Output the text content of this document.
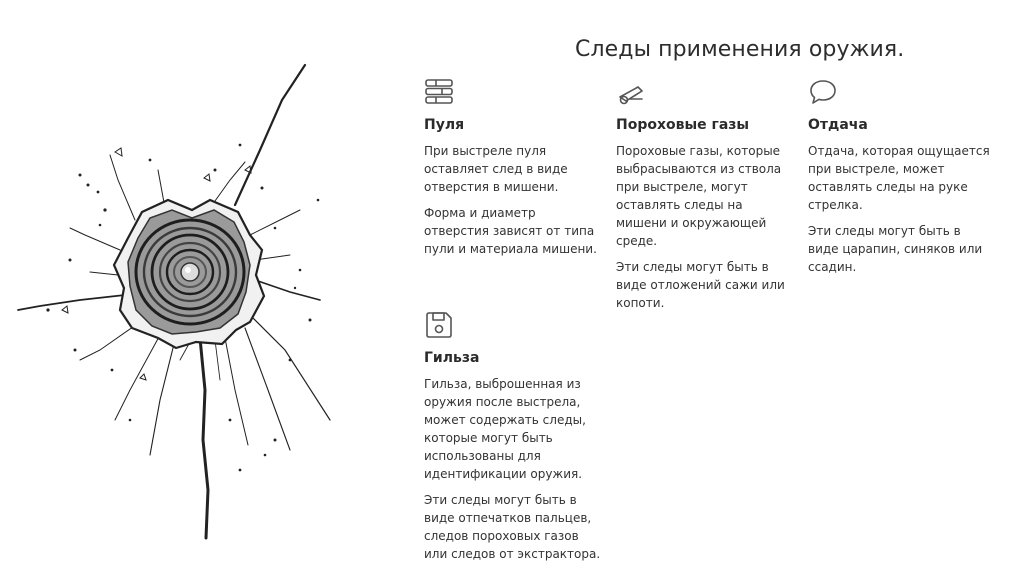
Следы применения оружия.
Пуля

При выстреле пуля оставляет след в виде отверстия в мишени.

Форма и диаметр отверстия зависят от типа пули и материала мишени.

Пороховые газы

Пороховые газы, которые выбрасываются из ствола при выстреле, могут оставлять следы на мишени и окружающей среде.

Эти следы могут быть в виде отложений сажи или копоти.

Отдача

Отдача, которая ощущается при выстреле, может оставлять следы на руке стрелка.

Эти следы могут быть в виде царапин, синяков или ссадин.

Гильза

Гильза, выброшенная из оружия после выстрела, может содержать следы, которые могут быть использованы для идентификации оружия.

Эти следы могут быть в виде отпечатков пальцев, следов пороховых газов или следов от экстрактора.
